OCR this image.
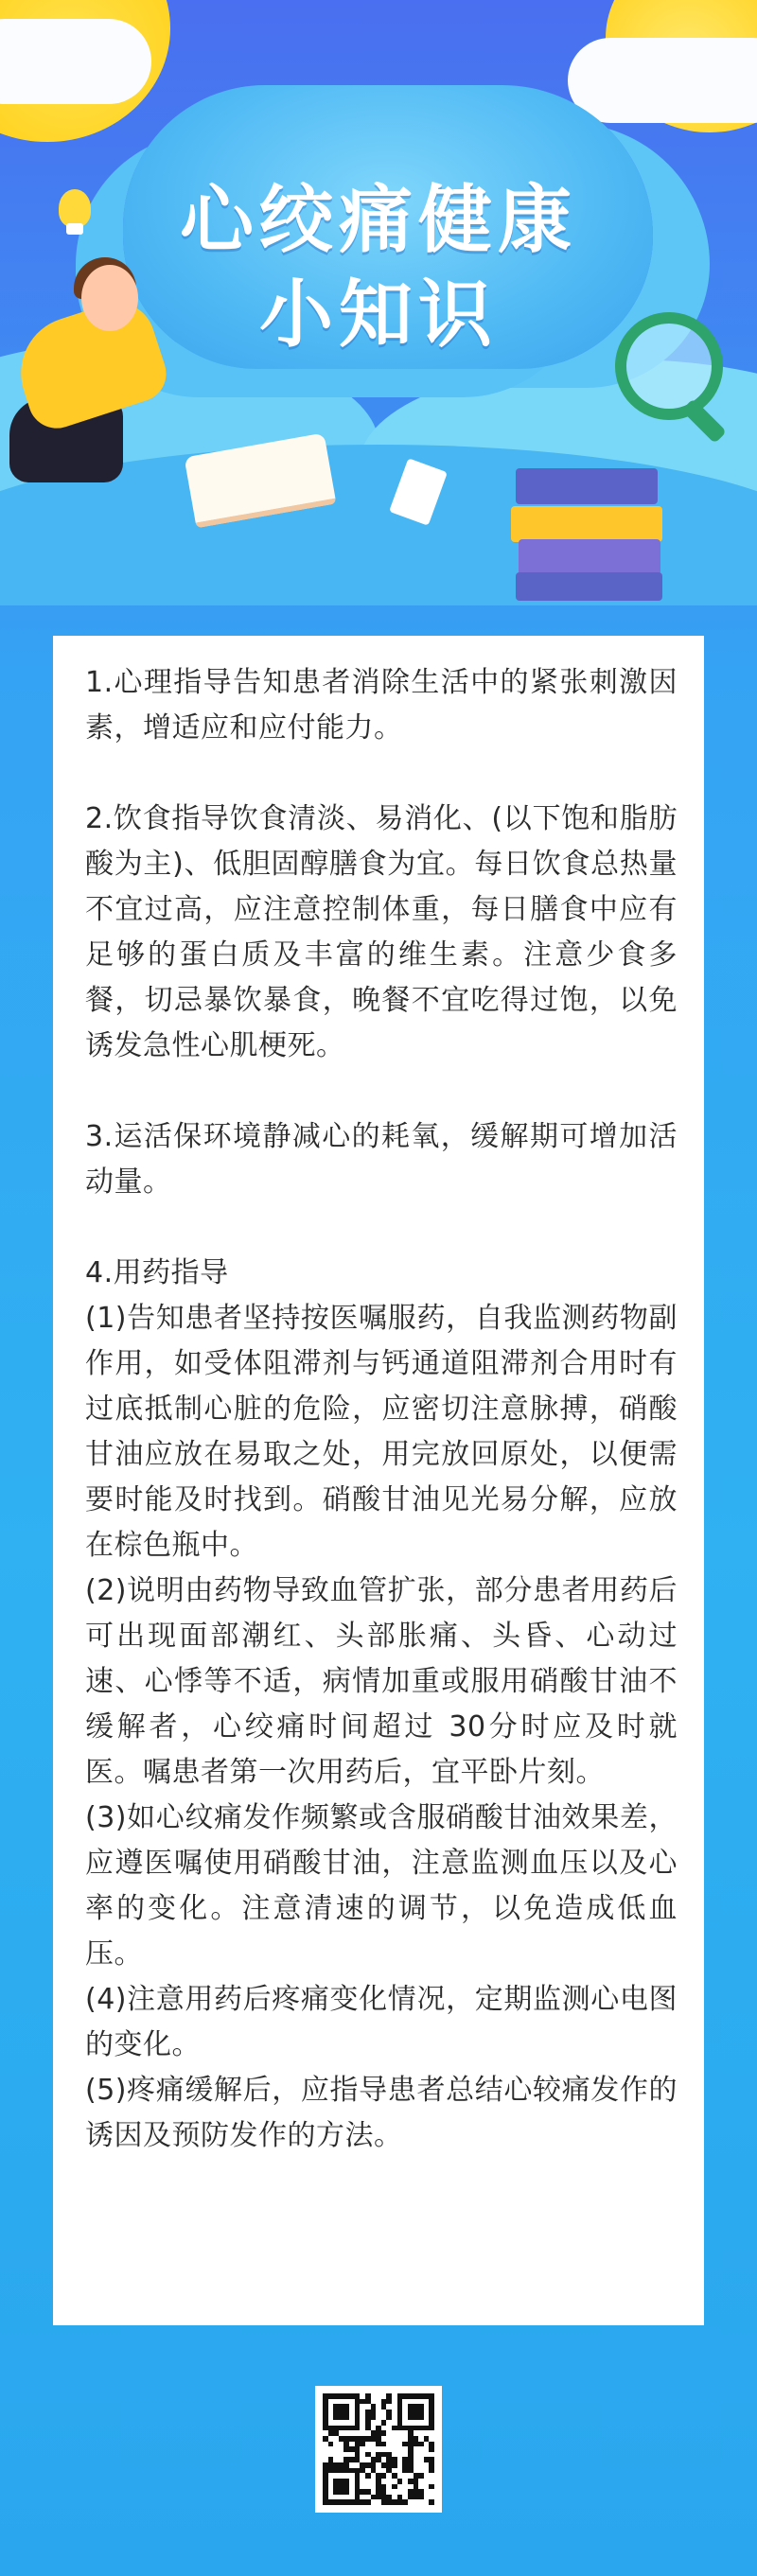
心绞痛健康
小知识

1.心理指导告知患者消除生活中的紧张刺激因素，增适应和应付能力。

2.饮食指导饮食清淡、易消化、(以下饱和脂肪酸为主)、低胆固醇膳食为宜。每日饮食总热量不宜过高，应注意控制体重，每日膳食中应有足够的蛋白质及丰富的维生素。注意少食多餐，切忌暴饮暴食，晚餐不宜吃得过饱，以免诱发急性心肌梗死。

3.运活保环境静减心的耗氧，缓解期可增加活动量。

4.用药指导

(1)告知患者坚持按医嘱服药，自我监测药物副作用，如受体阻滞剂与钙通道阻滞剂合用时有过底抵制心脏的危险，应密切注意脉搏，硝酸甘油应放在易取之处，用完放回原处，以便需要时能及时找到。硝酸甘油见光易分解，应放在棕色瓶中。

(2)说明由药物导致血管扩张，部分患者用药后可出现面部潮红、头部胀痛、头昏、心动过速、心悸等不适，病情加重或服用硝酸甘油不缓解者，心绞痛时间超过 30分时应及时就医。嘱患者第一次用药后，宜平卧片刻。

(3)如心纹痛发作频繁或含服硝酸甘油效果差，应遵医嘱使用硝酸甘油，注意监测血压以及心率的变化。注意清速的调节，以免造成低血压。

(4)注意用药后疼痛变化情况，定期监测心电图的变化。

(5)疼痛缓解后，应指导患者总结心较痛发作的诱因及预防发作的方法。
